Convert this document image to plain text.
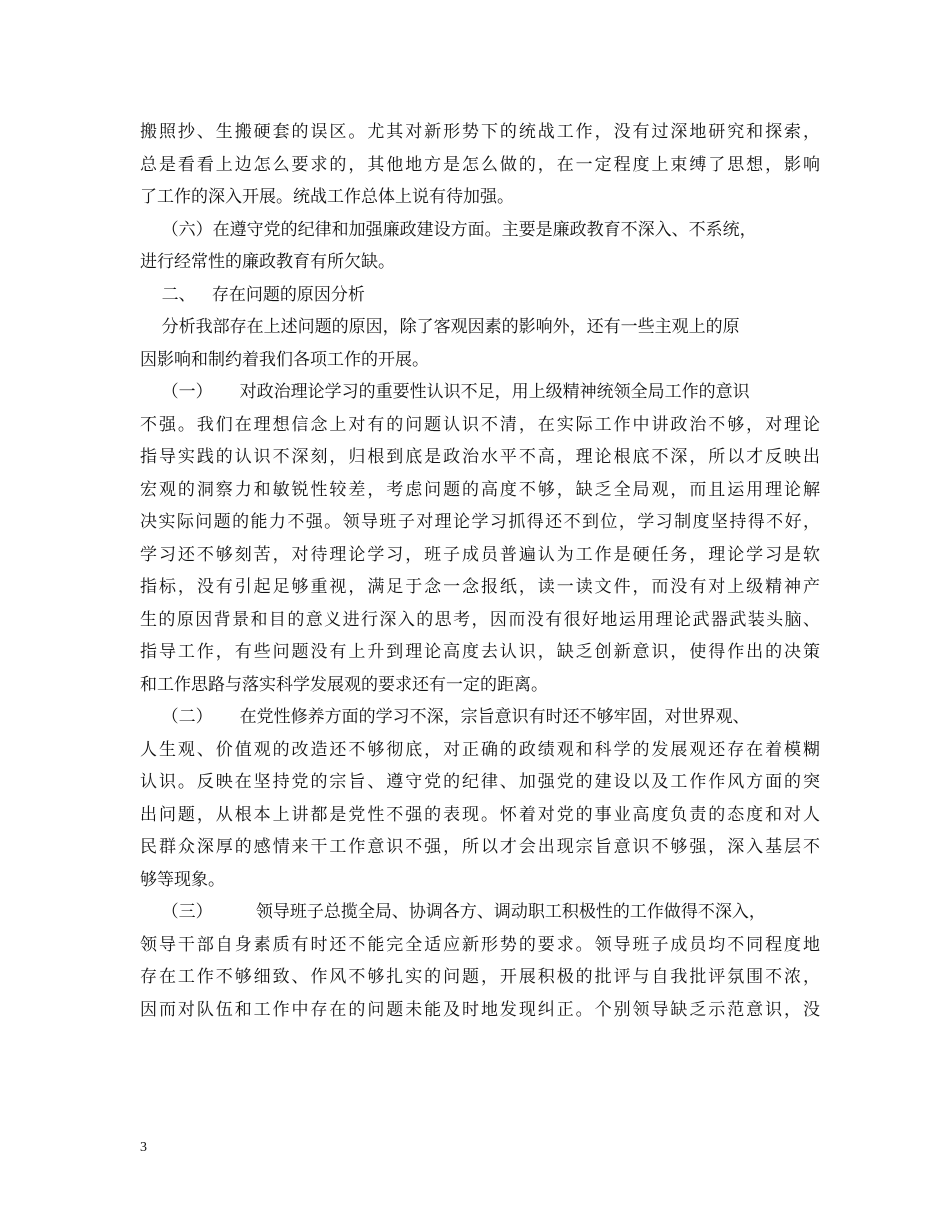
搬照抄、生搬硬套的误区。尤其对新形势下的统战工作，没有过深地研究和探索，
总是看看上边怎么要求的，其他地方是怎么做的，在一定程度上束缚了思想，影响
了工作的深入开展。统战工作总体上说有待加强。
（六）在遵守党的纪律和加强廉政建设方面。主要是廉政教育不深入、不系统，
进行经常性的廉政教育有所欠缺。
二、   存在问题的原因分析
分析我部存在上述问题的原因，除了客观因素的影响外，还有一些主观上的原
因影响和制约着我们各项工作的开展。
（一）     对政治理论学习的重要性认识不足，用上级精神统领全局工作的意识
不强。我们在理想信念上对有的问题认识不清，在实际工作中讲政治不够，对理论
指导实践的认识不深刻，归根到底是政治水平不高，理论根底不深，所以才反映出
宏观的洞察力和敏锐性较差，考虑问题的高度不够，缺乏全局观，而且运用理论解
决实际问题的能力不强。领导班子对理论学习抓得还不到位，学习制度坚持得不好，
学习还不够刻苦，对待理论学习，班子成员普遍认为工作是硬任务，理论学习是软
指标，没有引起足够重视，满足于念一念报纸，读一读文件，而没有对上级精神产
生的原因背景和目的意义进行深入的思考，因而没有很好地运用理论武器武装头脑、
指导工作，有些问题没有上升到理论高度去认识，缺乏创新意识，使得作出的决策
和工作思路与落实科学发展观的要求还有一定的距离。
（二）     在党性修养方面的学习不深，宗旨意识有时还不够牢固，对世界观、
人生观、价值观的改造还不够彻底，对正确的政绩观和科学的发展观还存在着模糊
认识。反映在坚持党的宗旨、遵守党的纪律、加强党的建设以及工作作风方面的突
出问题，从根本上讲都是党性不强的表现。怀着对党的事业高度负责的态度和对人
民群众深厚的感情来干工作意识不强，所以才会出现宗旨意识不够强，深入基层不
够等现象。
（三）        领导班子总揽全局、协调各方、调动职工积极性的工作做得不深入，
领导干部自身素质有时还不能完全适应新形势的要求。领导班子成员均不同程度地
存在工作不够细致、作风不够扎实的问题，开展积极的批评与自我批评氛围不浓，
因而对队伍和工作中存在的问题未能及时地发现纠正。个别领导缺乏示范意识，没
3
